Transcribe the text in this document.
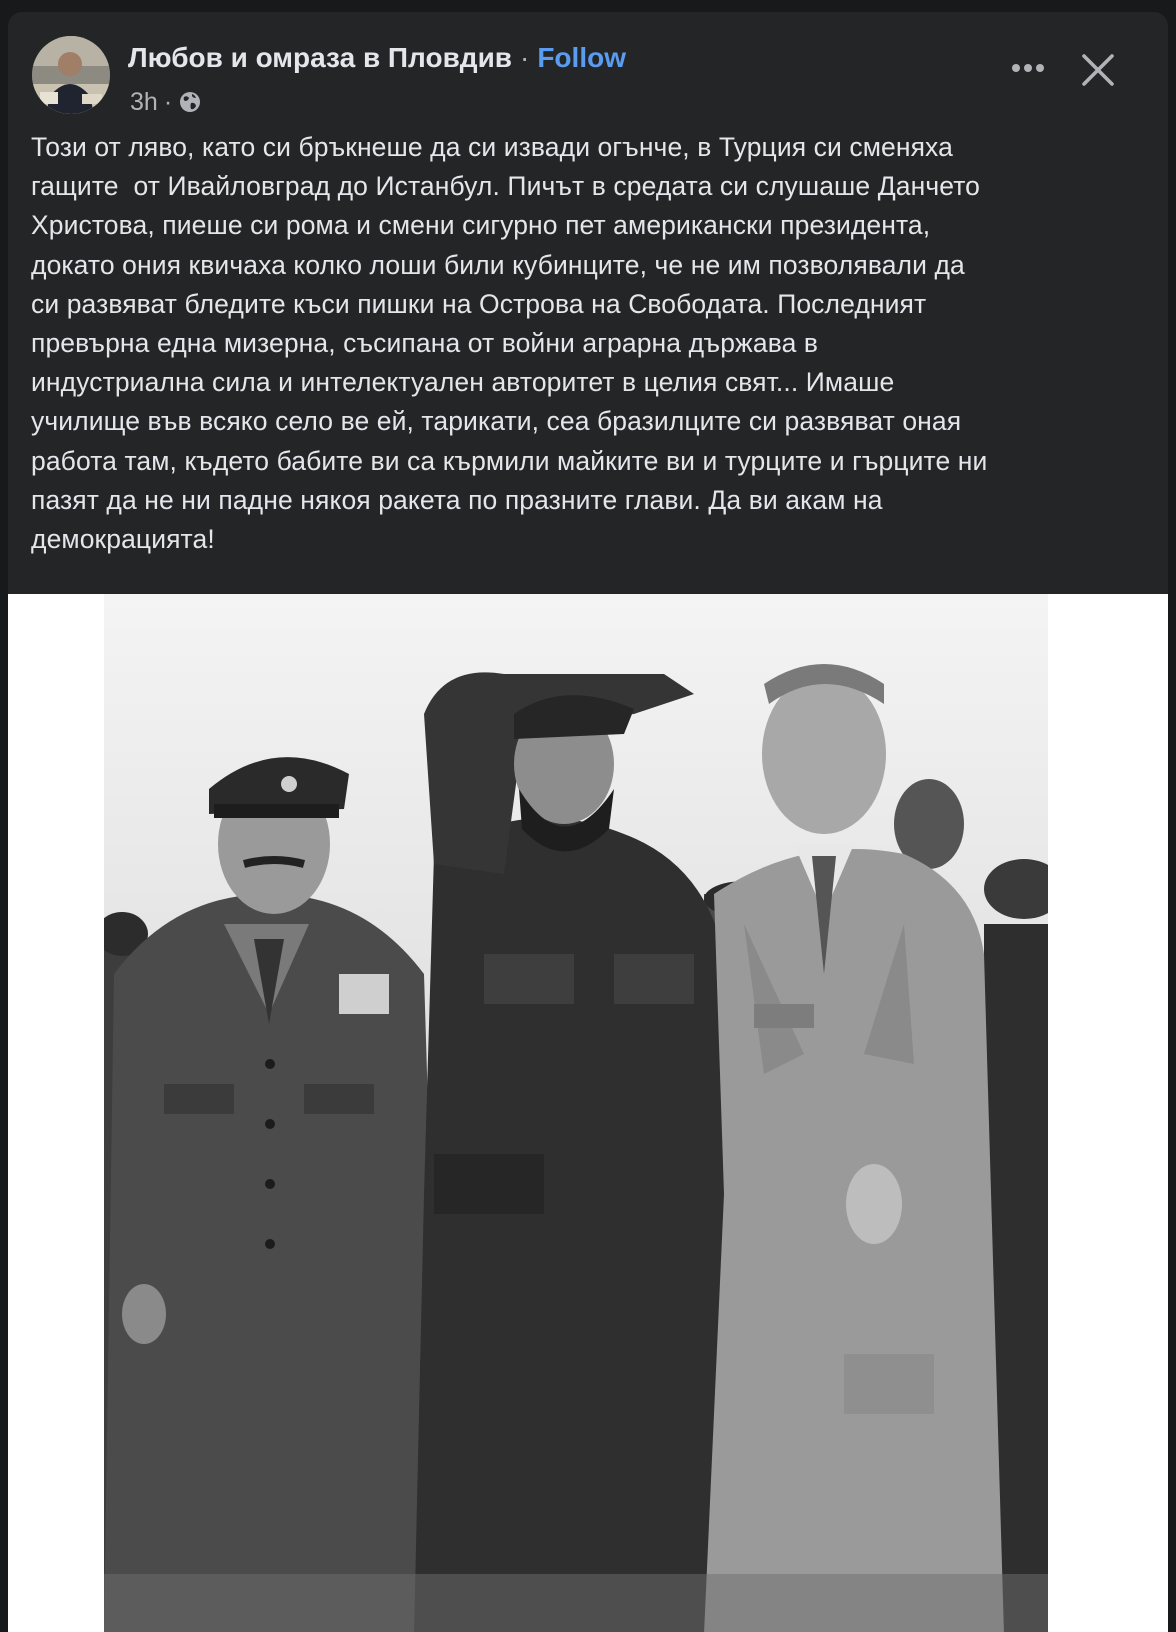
Любов и омраза в Пловдив · Follow
3h ·
Този от ляво, като си бръкнеше да си извади огънче, в Турция си сменяха
гащите  от Ивайловград до Истанбул. Пичът в средата си слушаше Данчето
Христова, пиеше си рома и смени сигурно пет американски президента,
докато ония квичаха колко лоши били кубинците, че не им позволявали да
си развяват бледите къси пишки на Острова на Свободата. Последният
превърна една мизерна, съсипана от войни аграрна държава в
индустриална сила и интелектуален авторитет в целия свят... Имаше
училище във всяко село ве ей, тарикати, сеа бразилците си развяват оная
работа там, където бабите ви са кърмили майките ви и турците и гърците ни
пазят да не ни падне някоя ракета по празните глави. Да ви акам на
демокрацията!
